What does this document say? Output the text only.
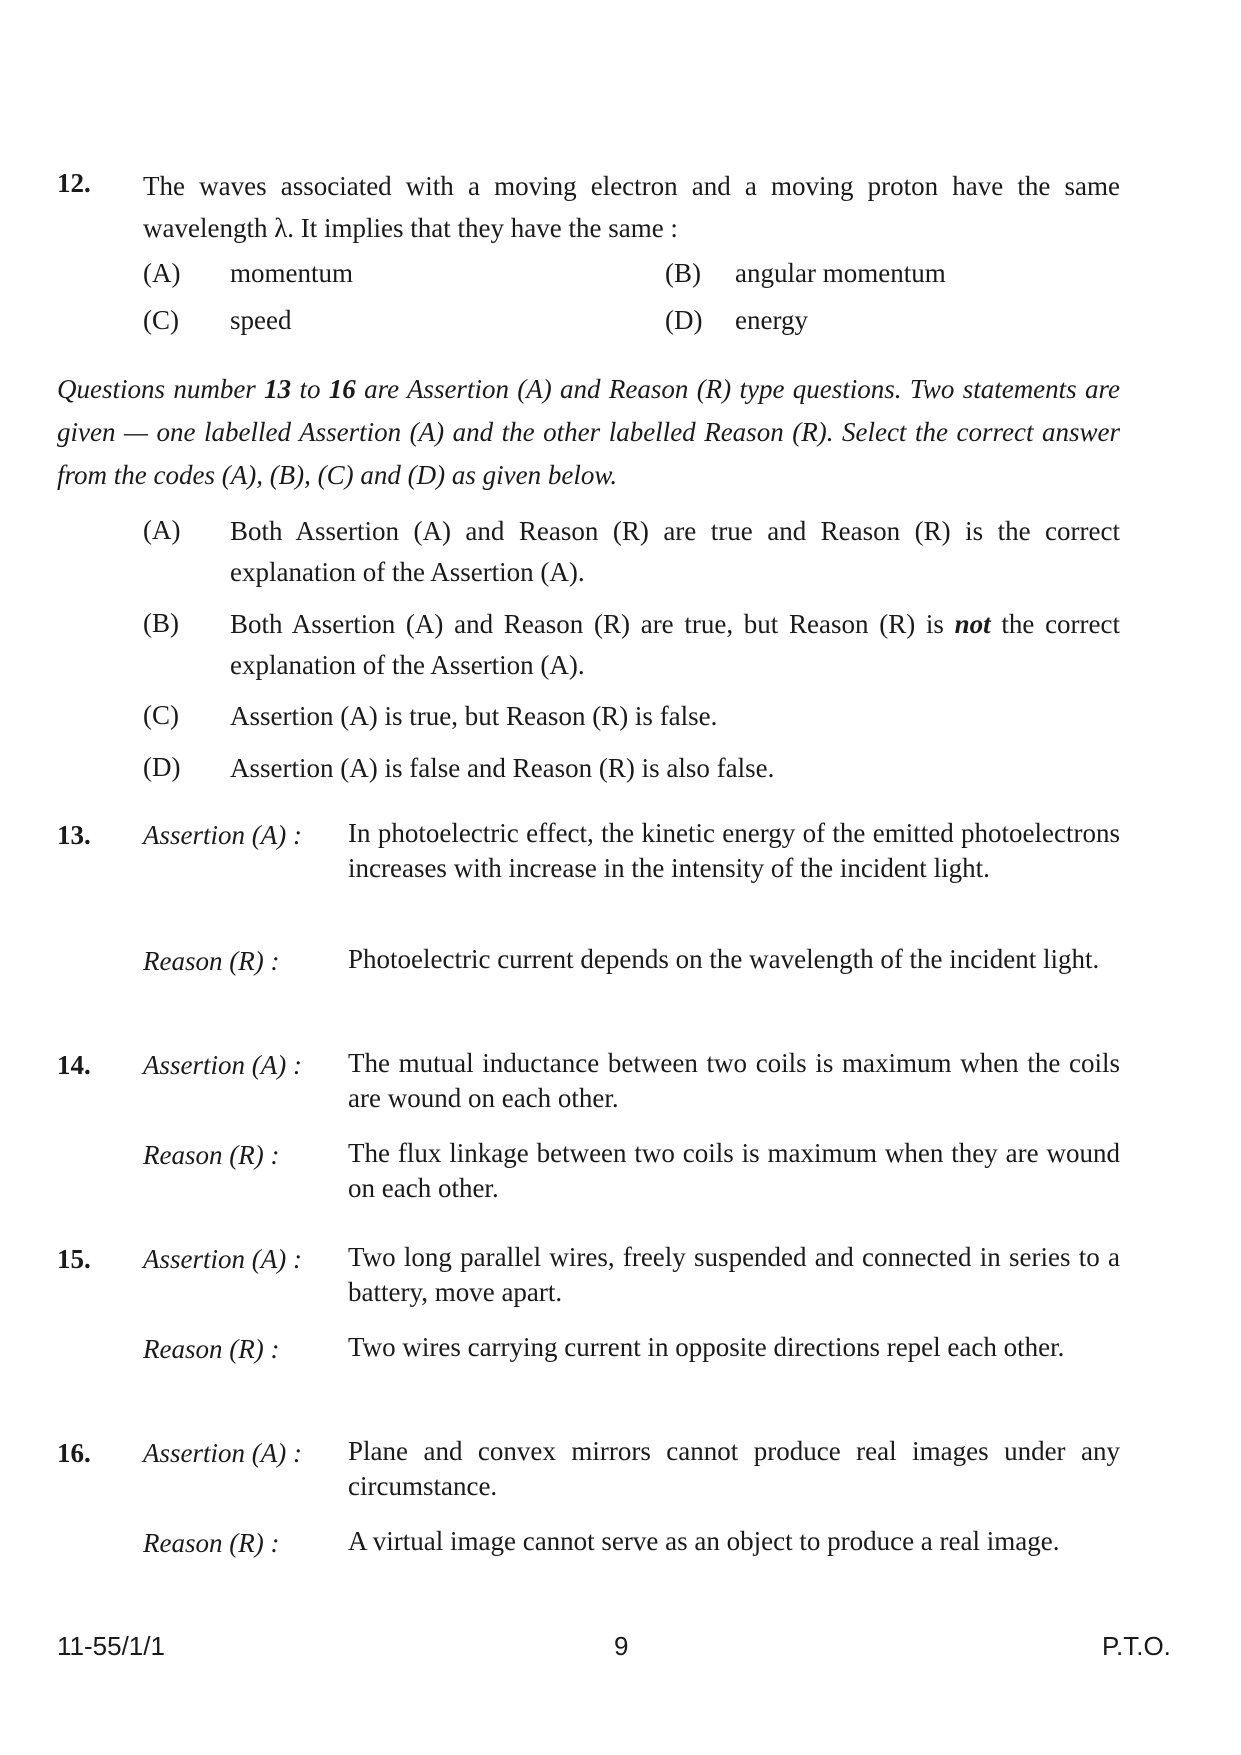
12. The waves associated with a moving electron and a moving proton have the same wavelength λ. It implies that they have the same :
(A) momentum	(B) angular momentum
(C) speed	(D) energy
Questions number 13 to 16 are Assertion (A) and Reason (R) type questions. Two statements are given — one labelled Assertion (A) and the other labelled Reason (R). Select the correct answer from the codes (A), (B), (C) and (D) as given below.
(A) Both Assertion (A) and Reason (R) are true and Reason (R) is the correct explanation of the Assertion (A).
(B) Both Assertion (A) and Reason (R) are true, but Reason (R) is not the correct explanation of the Assertion (A).
(C) Assertion (A) is true, but Reason (R) is false.
(D) Assertion (A) is false and Reason (R) is also false.
13. Assertion (A) : In photoelectric effect, the kinetic energy of the emitted photoelectrons increases with increase in the intensity of the incident light.
Reason (R) :	Photoelectric current depends on the wavelength of the incident light.
14. Assertion (A) : The mutual inductance between two coils is maximum when the coils are wound on each other.
Reason (R) :	The flux linkage between two coils is maximum when they are wound on each other.
15. Assertion (A) : Two long parallel wires, freely suspended and connected in series to a battery, move apart.
Reason (R) :	Two wires carrying current in opposite directions repel each other.
16. Assertion (A) : Plane and convex mirrors cannot produce real images under any circumstance.
Reason (R) :	A virtual image cannot serve as an object to produce a real image.
11-55/1/1	9	P.T.O.
